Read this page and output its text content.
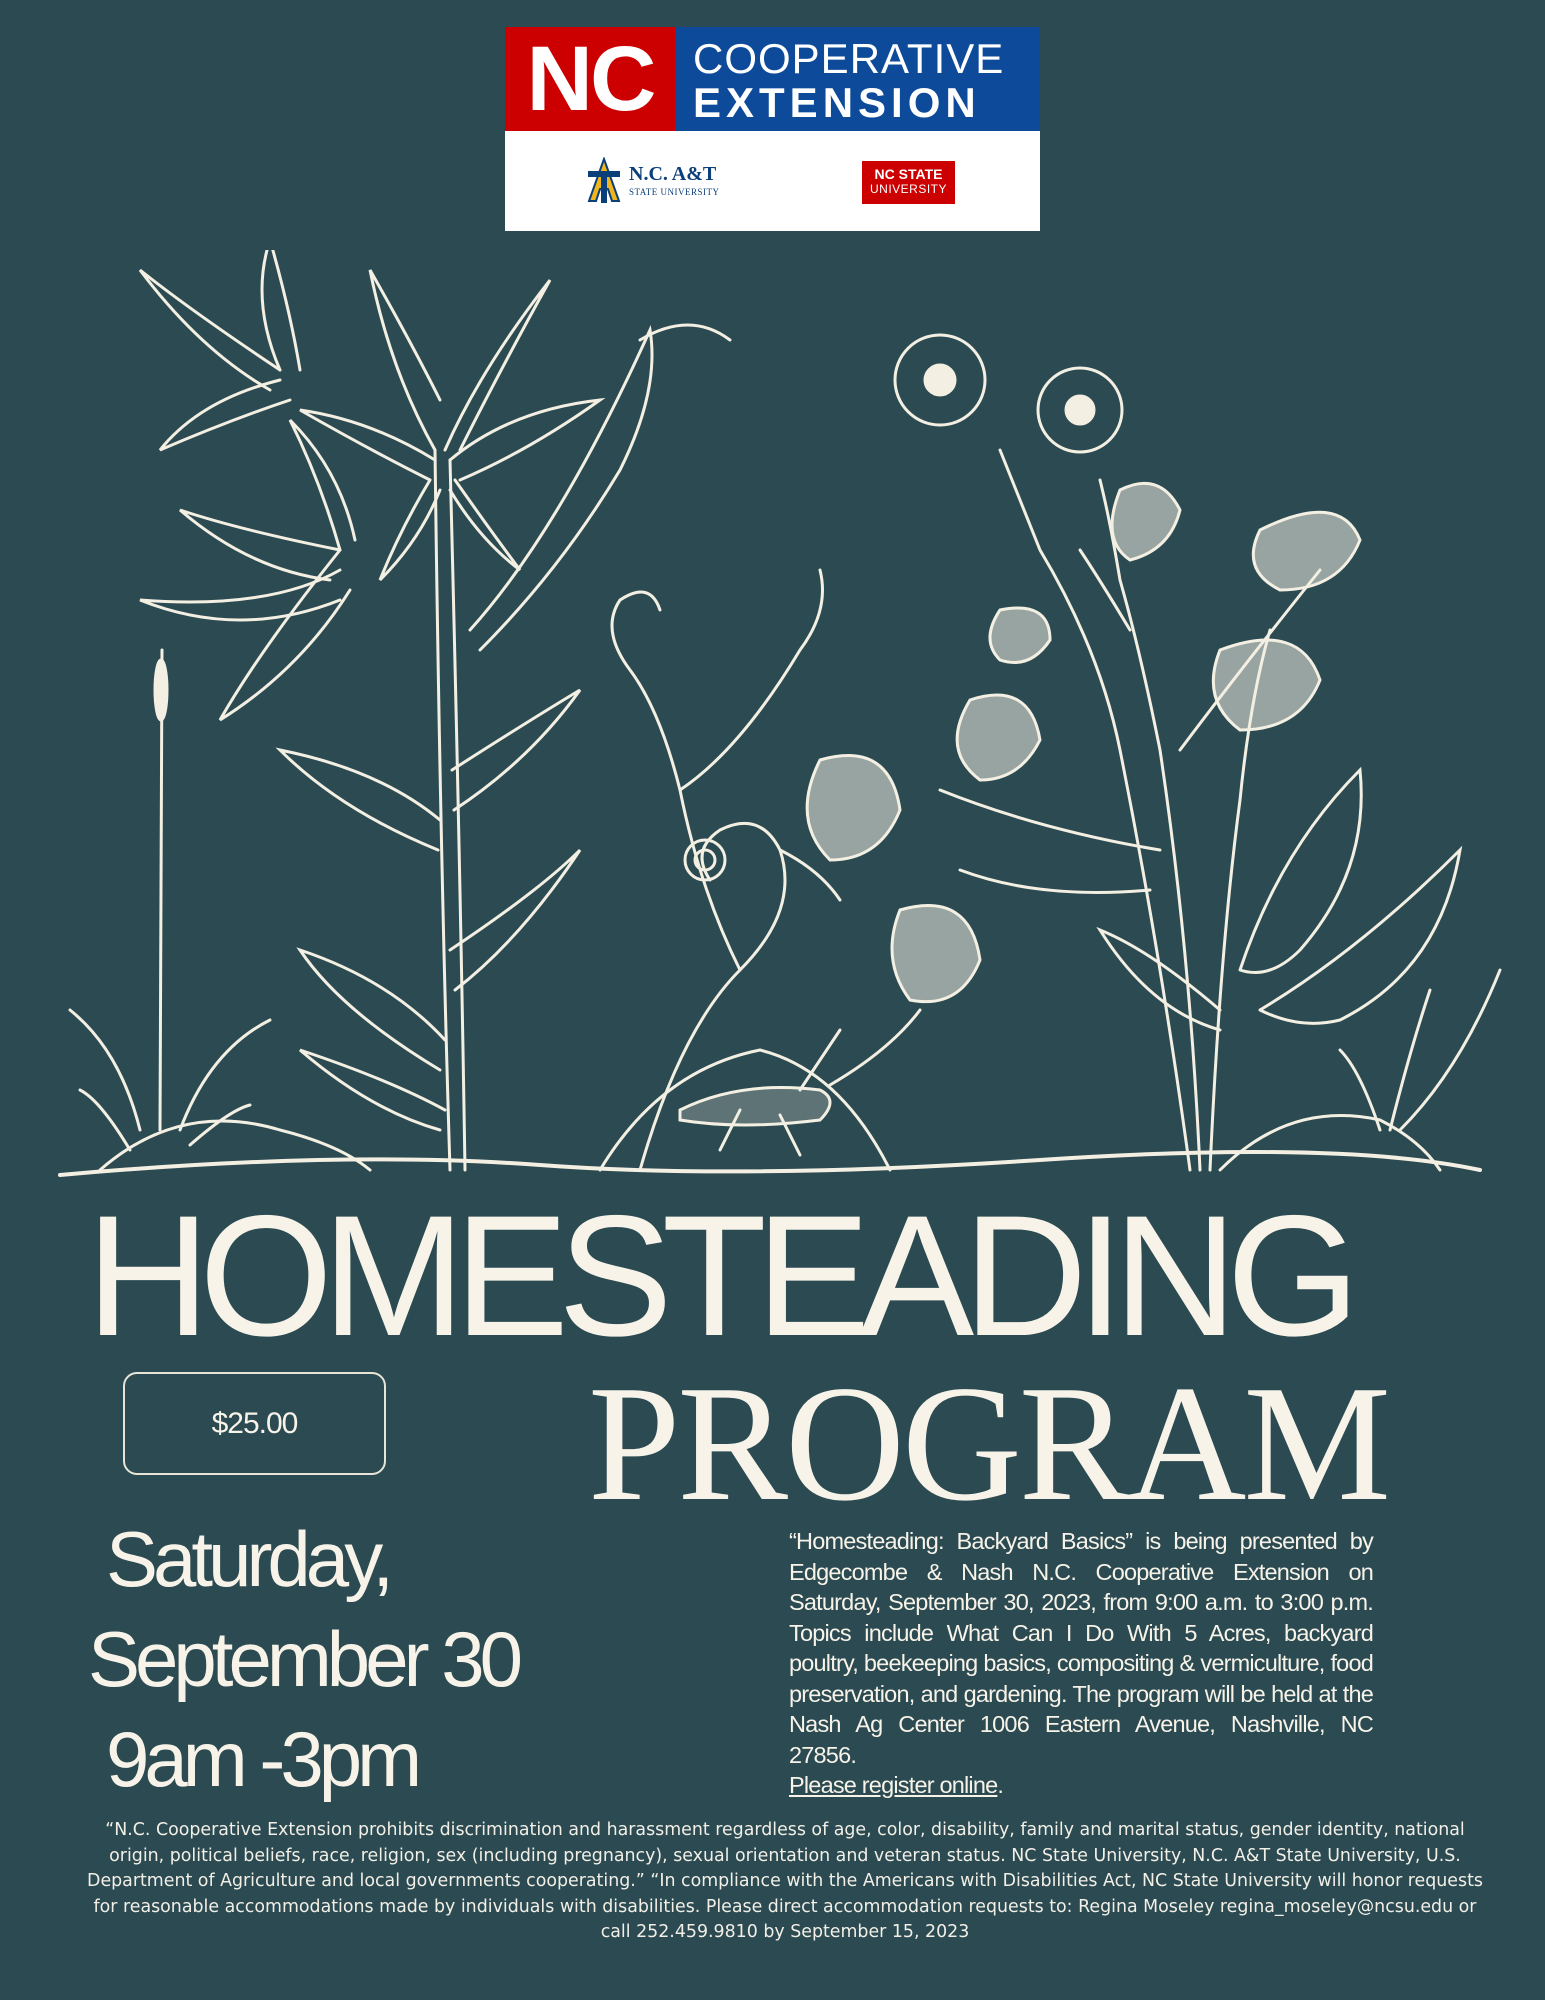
NC COOPERATIVE
EXTENSION
N.C. A&T
STATE UNIVERSITY
NC STATE
UNIVERSITY
HOMESTEADING
PROGRAM
$25.00
Saturday,
September 30
9am -3pm
“Homesteading: Backyard Basics” is being presented by Edgecombe & Nash N.C. Cooperative Extension on Saturday, September 30, 2023, from 9:00 a.m. to 3:00 p.m. Topics include What Can I Do With 5 Acres, backyard poultry, beekeeping basics, compositing & vermiculture, food preservation, and gardening. The program will be held at the Nash Ag Center 1006 Eastern Avenue, Nashville, NC 27856.
Please register online.
“N.C. Cooperative Extension prohibits discrimination and harassment regardless of age, color, disability, family and marital status, gender identity, national origin, political beliefs, race, religion, sex (including pregnancy), sexual orientation and veteran status. NC State University, N.C. A&T State University, U.S. Department of Agriculture and local governments cooperating.” “In compliance with the Americans with Disabilities Act, NC State University will honor requests for reasonable accommodations made by individuals with disabilities. Please direct accommodation requests to: Regina Moseley regina_moseley@ncsu.edu or call 252.459.9810 by September 15, 2023
